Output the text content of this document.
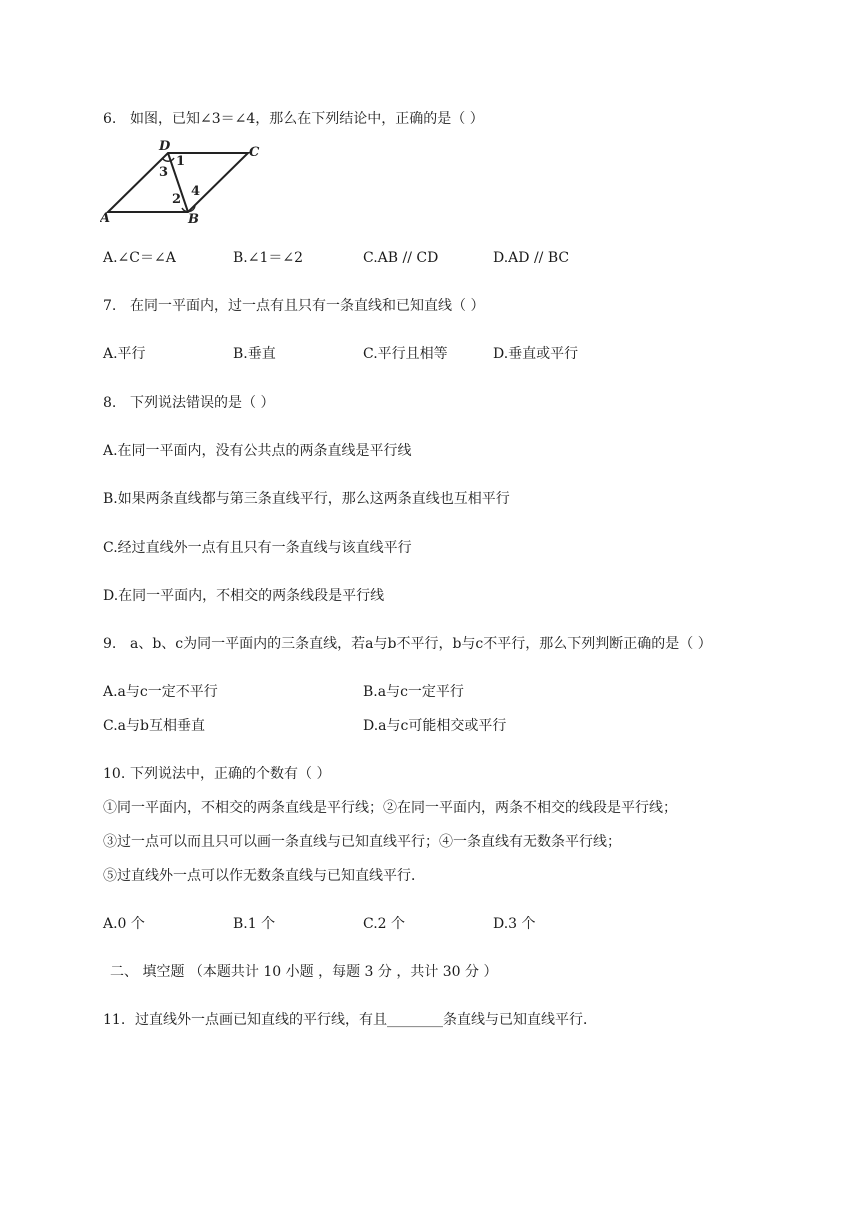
6. 如图，已知∠3＝∠4，那么在下列结论中，正确的是（ ）
D	C
A	B
1
3
2
4
A.∠C＝∠A	B.∠1＝∠2	C.AB // CD	D.AD // BC
7. 在同一平面内，过一点有且只有一条直线和已知直线（ ）
A.平行	B.垂直	C.平行且相等	D.垂直或平行
8. 下列说法错误的是（ ）
A.在同一平面内，没有公共点的两条直线是平行线
B.如果两条直线都与第三条直线平行，那么这两条直线也互相平行
C.经过直线外一点有且只有一条直线与该直线平行
D.在同一平面内，不相交的两条线段是平行线
9. a、b、c为同一平面内的三条直线，若a与b不平行，b与c不平行，那么下列判断正确的是（ ）
A.a与c一定不平行	B.a与c一定平行
C.a与b互相垂直	D.a与c可能相交或平行
10. 下列说法中，正确的个数有（ ）
①同一平面内，不相交的两条直线是平行线；②在同一平面内，两条不相交的线段是平行线；
③过一点可以而且只可以画一条直线与已知直线平行；④一条直线有无数条平行线；
⑤过直线外一点可以作无数条直线与已知直线平行．
A.0 个	B.1 个	C.2 个	D.3 个
二、 填空题 （本题共计 10 小题 ，每题 3 分 ，共计 30 分 ）
11. 过直线外一点画已知直线的平行线，有且________条直线与已知直线平行．
